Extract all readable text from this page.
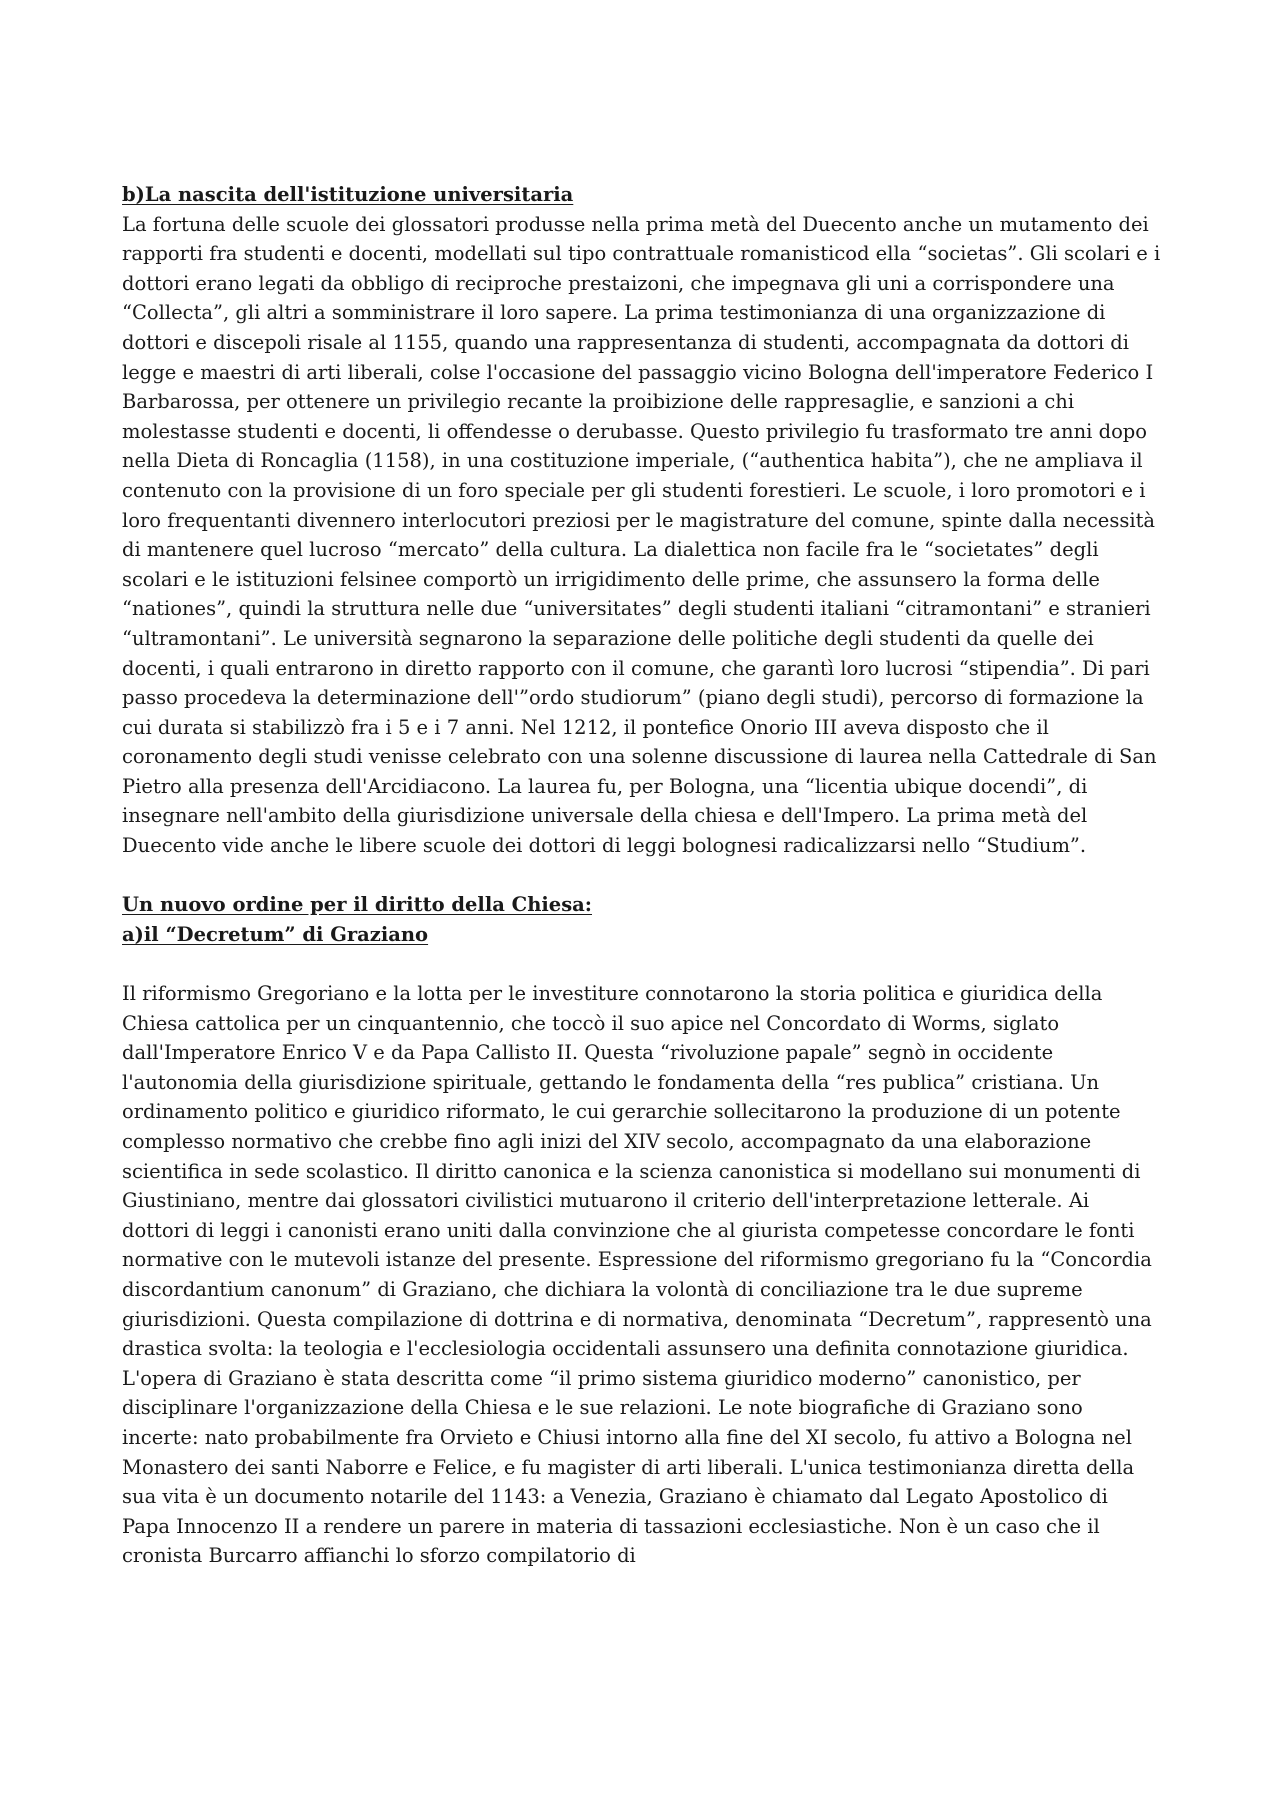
b)La nascita dell'istituzione universitaria

La fortuna delle scuole dei glossatori produsse nella prima metà del Duecento anche un mutamento dei rapporti fra studenti e docenti, modellati sul tipo contrattuale romanisticod ella “societas”. Gli scolari e i dottori erano legati da obbligo di reciproche prestaizoni, che impegnava gli uni a corrispondere una “Collecta”, gli altri a somministrare il loro sapere. La prima testimonianza di una organizzazione di dottori e discepoli risale al 1155, quando una rappresentanza di studenti, accompagnata da dottori di legge e maestri di arti liberali, colse l'occasione del passaggio vicino Bologna dell'imperatore Federico I Barbarossa, per ottenere un privilegio recante la proibizione delle rappresaglie, e sanzioni a chi molestasse studenti e docenti, li offendesse o derubasse. Questo privilegio fu trasformato tre anni dopo nella Dieta di Roncaglia (1158), in una costituzione imperiale, (“authentica habita”), che ne ampliava il contenuto con la provisione di un foro speciale per gli studenti forestieri. Le scuole, i loro promotori e i loro frequentanti divennero interlocutori preziosi per le magistrature del comune, spinte dalla necessità di mantenere quel lucroso “mercato” della cultura. La dialettica non facile fra le “societates” degli scolari e le istituzioni felsinee comportò un irrigidimento delle prime, che assunsero la forma delle “nationes”, quindi la struttura nelle due “universitates” degli studenti italiani “citramontani” e stranieri “ultramontani”. Le università segnarono la separazione delle politiche degli studenti da quelle dei docenti, i quali entrarono in diretto rapporto con il comune, che garantì loro lucrosi “stipendia”. Di pari passo procedeva la determinazione dell'”ordo studiorum” (piano degli studi), percorso di formazione la cui durata si stabilizzò fra i 5 e i 7 anni. Nel 1212, il pontefice Onorio III aveva disposto che il coronamento degli studi venisse celebrato con una solenne discussione di laurea nella Cattedrale di San Pietro alla presenza dell'Arcidiacono. La laurea fu, per Bologna, una “licentia ubique docendi”, di insegnare nell'ambito della giurisdizione universale della chiesa e dell'Impero. La prima metà del Duecento vide anche le libere scuole dei dottori di leggi bolognesi radicalizzarsi nello “Studium”.

Un nuovo ordine per il diritto della Chiesa:

a)il “Decretum” di Graziano

Il riformismo Gregoriano e la lotta per le investiture connotarono la storia politica e giuridica della Chiesa cattolica per un cinquantennio, che toccò il suo apice nel Concordato di Worms, siglato dall'Imperatore Enrico V e da Papa Callisto II. Questa “rivoluzione papale” segnò in occidente l'autonomia della giurisdizione spirituale, gettando le fondamenta della “res publica” cristiana. Un ordinamento politico e giuridico riformato, le cui gerarchie sollecitarono la produzione di un potente complesso normativo che crebbe fino agli inizi del XIV secolo, accompagnato da una elaborazione scientifica in sede scolastico. Il diritto canonica e la scienza canonistica si modellano sui monumenti di Giustiniano, mentre dai glossatori civilistici mutuarono il criterio dell'interpretazione letterale. Ai dottori di leggi i canonisti erano uniti dalla convinzione che al giurista competesse concordare le fonti normative con le mutevoli istanze del presente. Espressione del riformismo gregoriano fu la “Concordia discordantium canonum” di Graziano, che dichiara la volontà di conciliazione tra le due supreme giurisdizioni. Questa compilazione di dottrina e di normativa, denominata “Decretum”, rappresentò una drastica svolta: la teologia e l'ecclesiologia occidentali assunsero una definita connotazione giuridica. L'opera di Graziano è stata descritta come “il primo sistema giuridico moderno” canonistico, per disciplinare l'organizzazione della Chiesa e le sue relazioni. Le note biografiche di Graziano sono incerte: nato probabilmente fra Orvieto e Chiusi intorno alla fine del XI secolo, fu attivo a Bologna nel Monastero dei santi Naborre e Felice, e fu magister di arti liberali. L'unica testimonianza diretta della sua vita è un documento notarile del 1143: a Venezia, Graziano è chiamato dal Legato Apostolico di Papa Innocenzo II a rendere un parere in materia di tassazioni ecclesiastiche. Non è un caso che il cronista Burcarro affianchi lo sforzo compilatorio di
